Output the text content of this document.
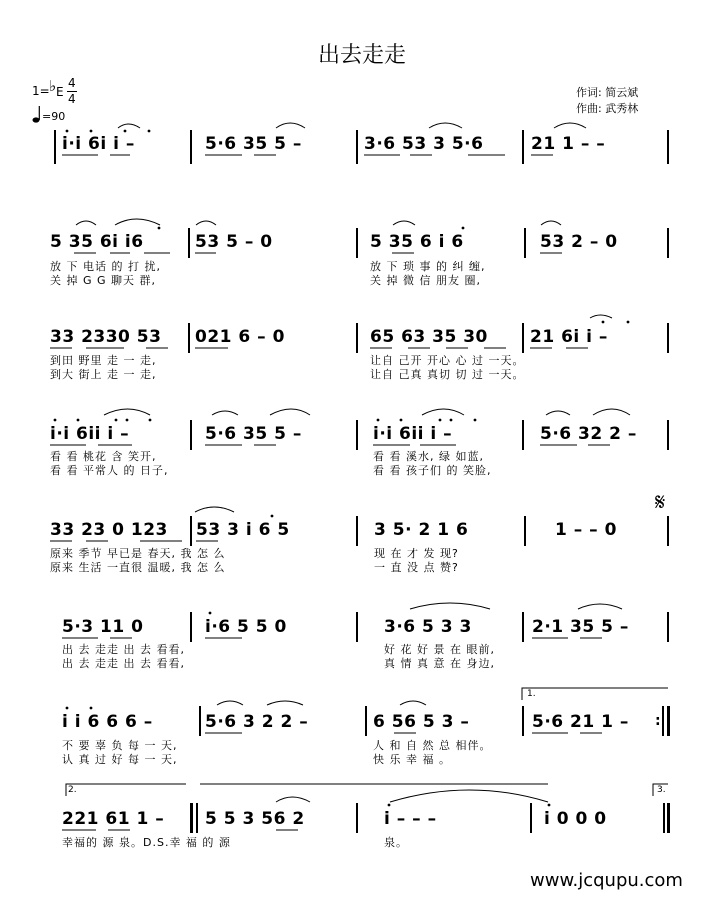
出去走走
1= ♭ E
4
4
=90
作词: 简云斌
作曲: 武秀林
i·i 6i i –	5·6 35 5 –	3·6 53 3 5·6	21 1 – –
5 35 6i i6	53 5 – 0	5 35 6 i 6	53 2 – 0
放 下 电话 的 打 扰,	放 下 琐 事 的 纠 缠,
关 掉 G G 聊天 群,	关 掉 微 信 朋友 圈,
33 2330 53 021 6 – 0	65 63 35 30 21 6i i –
到田 野里 走 一 走,	让自 己开 开心 心 过 一天。
到大 街上 走 一 走,	让自 己真 真切 切 过 一天。
i·i 6ii i –	5·6 35 5 –	i·i 6ii i –	5·6 32 2 –
看 看 桃花 含 笑开,	看 看 溪水, 绿 如蓝,
看 看 平常人 的 日子,	看 看 孩子们 的 笑脸,
33 23 0 123 53 3 i 6 5	3 5· 2 1 6	1 – – 0
原来 季节 早已是 春天, 我 怎 么	现 在 才 发 现?
原来 生活 一直很 温暖, 我 怎 么	一 直 没 点 赞?
𝄋
5·3 11 0	i·6 5 5 0	3·6 5 3 3	2·1 35 5 –
出 去 走走 出 去 看看,	好 花 好 景 在 眼前,
出 去 走走 出 去 看看,	真 情 真 意 在 身边,
i i 6 6 6 –	5·6 3 2 2 –	6 56 5 3 –	5·6 21 1 – :
不 要 辜 负 每 一 天,	人 和 自 然 总 相伴。
认 真 过 好 每 一 天,	快 乐 幸 福 。
1.
221 61 1 – 5 5 3 56 2	i – – –	i 0 0 0
幸福的 源 泉。D.S.幸 福 的 源	泉。
2.	3.
www.jcqupu.com
